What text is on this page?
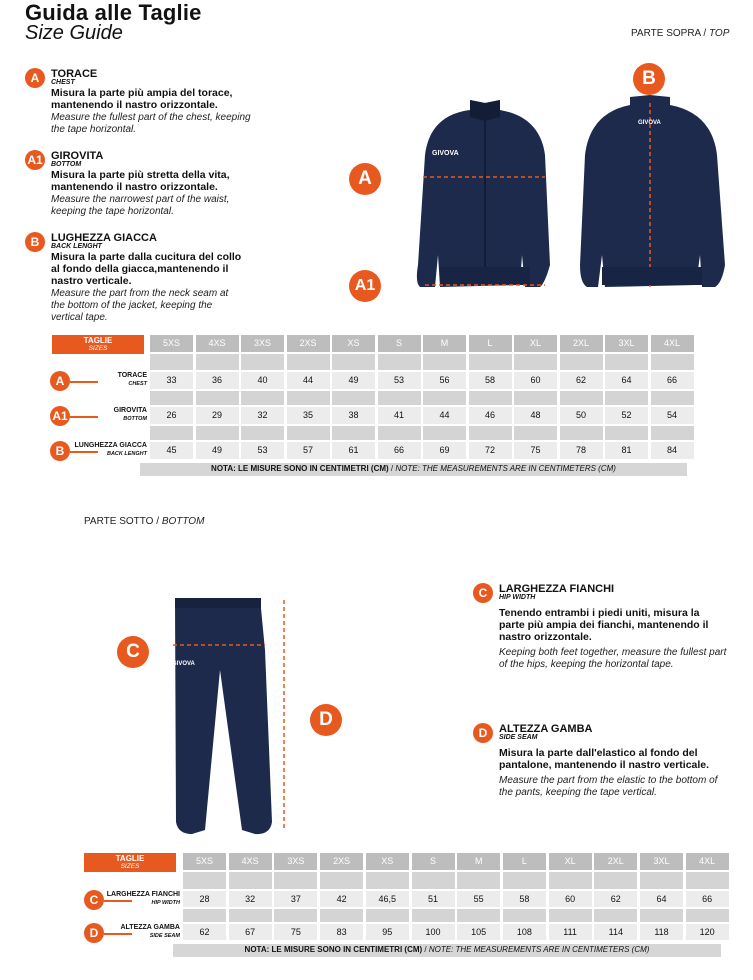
Guida alle Taglie
Size Guide	PARTE SOPRA / TOP
A	TORACE
CHEST
Misura la parte più ampia del torace, mantenendo il nastro orizzontale.
Measure the fullest part of the chest, keeping the tape horizontal.
A1 GIROVITA
BOTTOM
Misura la parte più stretta della vita, mantenendo il nastro orizzontale.
Measure the narrowest part of the waist, keeping the tape horizontal.
B	LUGHEZZA GIACCA
BACK LENGHT
Misura la parte dalla cucitura del collo al fondo della giacca,mantenendo il nastro verticale.
Measure the part from the neck seam at the bottom of the jacket, keeping the vertical tape.
GIVOVA
GIVOVA
A
B
A1
TAGLIE
SIZES
5XS	4XS	3XS	2XS	XS	S	M	L	XL	2XL	3XL	4XL
A	TORACE
CHEST	33	36	40	44	49	53	56	58	60	62	64	66
A1	GIROVITA
BOTTOM	26	29	32	35	38	41	44	46	48	50	52	54
B	LUNGHEZZA GIACCA
BACK LENGHT	45	49	53	57	61	66	69	72	75	78	81	84
NOTA: LE MISURE SONO IN CENTIMETRI (CM) / NOTE: THE MEASUREMENTS ARE IN CENTIMETERS (CM)
PARTE SOTTO / BOTTOM
GIVOVA
C
D
C	LARGHEZZA FIANCHI
HIP WIDTH
Tenendo entrambi i piedi uniti, misura la parte più ampia dei fianchi, mantenendo il nastro orizzontale.
Keeping both feet together, measure the fullest part of the hips, keeping the horizontal tape.
D	ALTEZZA GAMBA
SIDE SEAM
Misura la parte dall'elastico al fondo del pantalone, mantenendo il nastro verticale.
Measure the part from the elastic to the bottom of the pants, keeping the tape vertical.
TAGLIE
SIZES
5XS	4XS	3XS	2XS	XS	S	M	L	XL	2XL	3XL	4XL
C	LARGHEZZA FIANCHI
HIP WIDTH	28	32	37	42	46,5	51	55	58	60	62	64	66
D	ALTEZZA GAMBA
SIDE SEAM	62	67	75	83	95	100	105	108	111	114	118	120
NOTA: LE MISURE SONO IN CENTIMETRI (CM) / NOTE: THE MEASUREMENTS ARE IN CENTIMETERS (CM)
